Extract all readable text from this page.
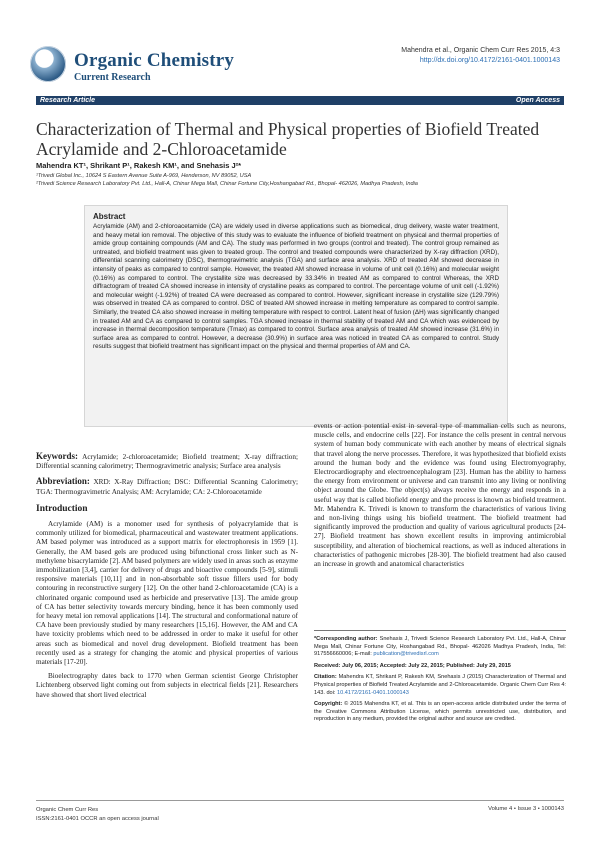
Organic Chemistry
Current Research
Mahendra et al., Organic Chem Curr Res 2015, 4:3
http://dx.doi.org/10.4172/2161-0401.1000143
Research Article	Open Access
Characterization of Thermal and Physical properties of Biofield Treated Acrylamide and 2-Chloroacetamide
Mahendra KT¹, Shrikant P¹, Rakesh KM¹, and Snehasis J²*
¹Trivedi Global Inc., 10624 S Eastern Avenue Suite A-969, Henderson, NV 89052, USA
²Trivedi Science Research Laboratory Pvt. Ltd., Hall-A, Chinar Mega Mall, Chinar Fortune City,Hoshangabad Rd., Bhopal- 462026, Madhya Pradesh, India
Abstract
Acrylamide (AM) and 2-chloroacetamide (CA) are widely used in diverse applications such as biomedical, drug delivery, waste water treatment, and heavy metal ion removal. The objective of this study was to evaluate the influence of biofield treatment on physical and thermal properties of amide group containing compounds (AM and CA). The study was performed in two groups (control and treated). The control group remained as untreated, and biofield treatment was given to treated group. The control and treated compounds were characterized by X-ray diffraction (XRD), differential scanning calorimetry (DSC), thermogravimetric analysis (TGA) and surface area analysis. XRD of treated AM showed decrease in intensity of peaks as compared to control sample. However, the treated AM showed increase in volume of unit cell (0.16%) and molecular weight (0.16%) as compared to control. The crystallite size was decreased by 33.34% in treated AM as compared to control Whereas, the XRD diffractogram of treated CA showed increase in intensity of crystalline peaks as compared to control. The percentage volume of unit cell (-1.92%) and molecular weight (-1.92%) of treated CA were decreased as compared to control. However, significant increase in crystallite size (129.79%) was observed in treated CA as compared to control. DSC of treated AM showed increase in melting temperature as compared to control sample. Similarly, the treated CA also showed increase in melting temperature with respect to control. Latent heat of fusion (ΔH) was significantly changed in treated AM and CA as compared to control samples. TGA showed increase in thermal stability of treated AM and CA which was evidenced by increase in thermal decomposition temperature (Tmax) as compared to control. Surface area analysis of treated AM showed increase (31.6%) in surface area as compared to control. However, a decrease (30.9%) in surface area was noticed in treated CA as compared to control. Study results suggest that biofield treatment has significant impact on the physical and thermal properties of AM and CA.
Keywords: Acrylamide; 2-chloroacetamide; Biofield treatment; X-ray diffraction; Differential scanning calorimetry; Thermogravimetric analysis; Surface area analysis
Abbreviation: XRD: X-Ray Diffraction; DSC: Differential Scanning Calorimetry; TGA: Thermogravimetric Analysis; AM: Acrylamide; CA: 2-Chloroacetamide
Introduction

Acrylamide (AM) is a monomer used for synthesis of polyacrylamide that is commonly utilized for biomedical, pharmaceutical and wastewater treatment applications. AM based polymer was introduced as a support matrix for electrophoresis in 1959 [1]. Generally, the AM based gels are produced using bifunctional cross linker such as N-methylene bisacrylamide [2]. AM based polymers are widely used in areas such as enzyme immobilization [3,4], carrier for delivery of drugs and bioactive compounds [5-9], stimuli responsive materials [10,11] and in non-absorbable soft tissue fillers used for body contouring in reconstructive surgery [12]. On the other hand 2-chloroacetamide (CA) is a chlorinated organic compound used as herbicide and preservative [13]. The amide group of CA has better selectivity towards mercury binding, hence it has been commonly used for heavy metal ion removal applications [14]. The structural and conformational nature of CA have been previously studied by many researchers [15,16]. However, the AM and CA have toxicity problems which need to be addressed in order to make it useful for other areas such as biomedical and novel drug development. Biofield treatment has been recently used as a strategy for changing the atomic and physical properties of various materials [17-20].

Bioelectrography dates back to 1770 when German scientist George Christopher Lichtenberg observed light coming out from subjects in electrical fields [21]. Researchers have showed that short lived electrical

events or action potential exist in several type of mammalian cells such as neurons, muscle cells, and endocrine cells [22]. For instance the cells present in central nervous system of human body communicate with each another by means of electrical signals that travel along the nerve processes. Therefore, it was hypothesized that biofield exists around the human body and the evidence was found using Electromyography, Electrocardiography and electroencephalogram [23]. Human has the ability to harness the energy from environment or universe and can transmit into any living or nonliving object around the Globe. The object(s) always receive the energy and responds in a useful way that is called biofield energy and the process is known as biofield treatment. Mr. Mahendra K. Trivedi is known to transform the characteristics of various living and non-living things using his biofield treatment. The biofield treatment had significantly improved the production and quality of various agricultural products [24-27]. Biofield treatment has shown excellent results in improving antimicrobial susceptibility, and alteration of biochemical reactions, as well as induced alterations in characteristics of pathogenic microbes [28-30]. The biofield treatment had also caused an increase in growth and anatomical characteristics

*Corresponding author: Snehasis J, Trivedi Science Research Laboratory Pvt. Ltd., Hall-A, Chinar Mega Mall, Chinar Fortune City, Hoshangabad Rd., Bhopal- 462026 Madhya Pradesh, India, Tel: 917556660006; E-mail: publication@trivedisrl.com

Received: July 06, 2015; Accepted: July 22, 2015; Published: July 29, 2015

Citation: Mahendra KT, Shrikant P, Rakesh KM, Snehasis J (2015) Characterization of Thermal and Physical properties of Biofield Treated Acrylamide and 2-Chloroacetamide. Organic Chem Curr Res 4: 143. doi: 10.4172/2161-0401.1000143

Copyright: © 2015 Mahendra KT, et al. This is an open-access article distributed under the terms of the Creative Commons Attribution License, which permits unrestricted use, distribution, and reproduction in any medium, provided the original author and source are credited.

Organic Chem Curr Res
ISSN:2161-0401 OCCR an open access journal
Volume 4 • Issue 3 • 1000143
